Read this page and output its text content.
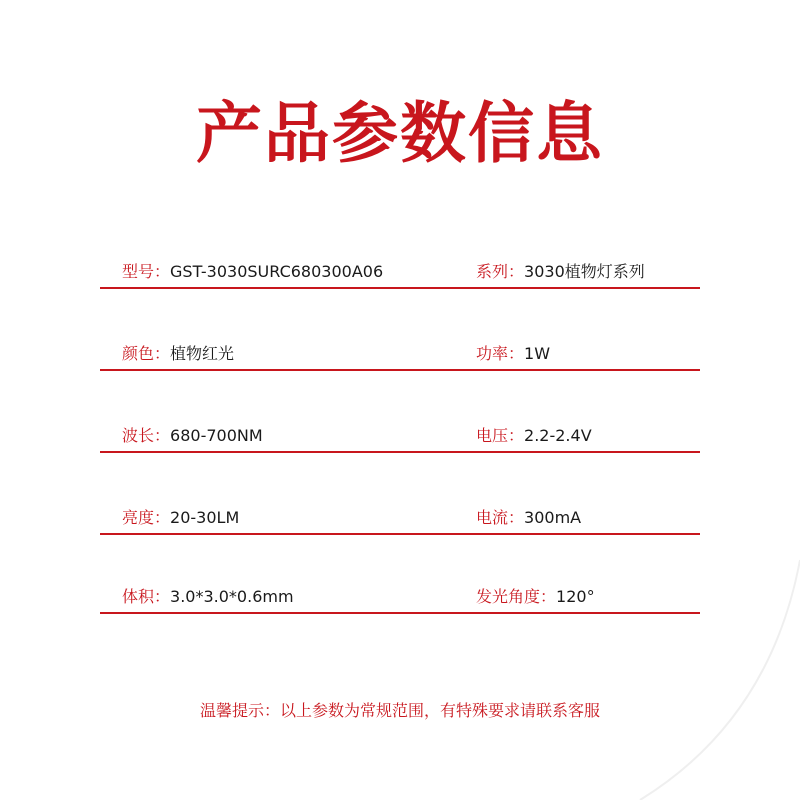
产品参数信息
型号：GST-3030SURC680300A06	系列：3030植物灯系列
颜色：植物红光	功率：1W
波长：680-700NM	电压：2.2-2.4V
亮度：20-30LM	电流：300mA
体积：3.0*3.0*0.6mm	发光角度：120°

温馨提示：以上参数为常规范围，有特殊要求请联系客服
